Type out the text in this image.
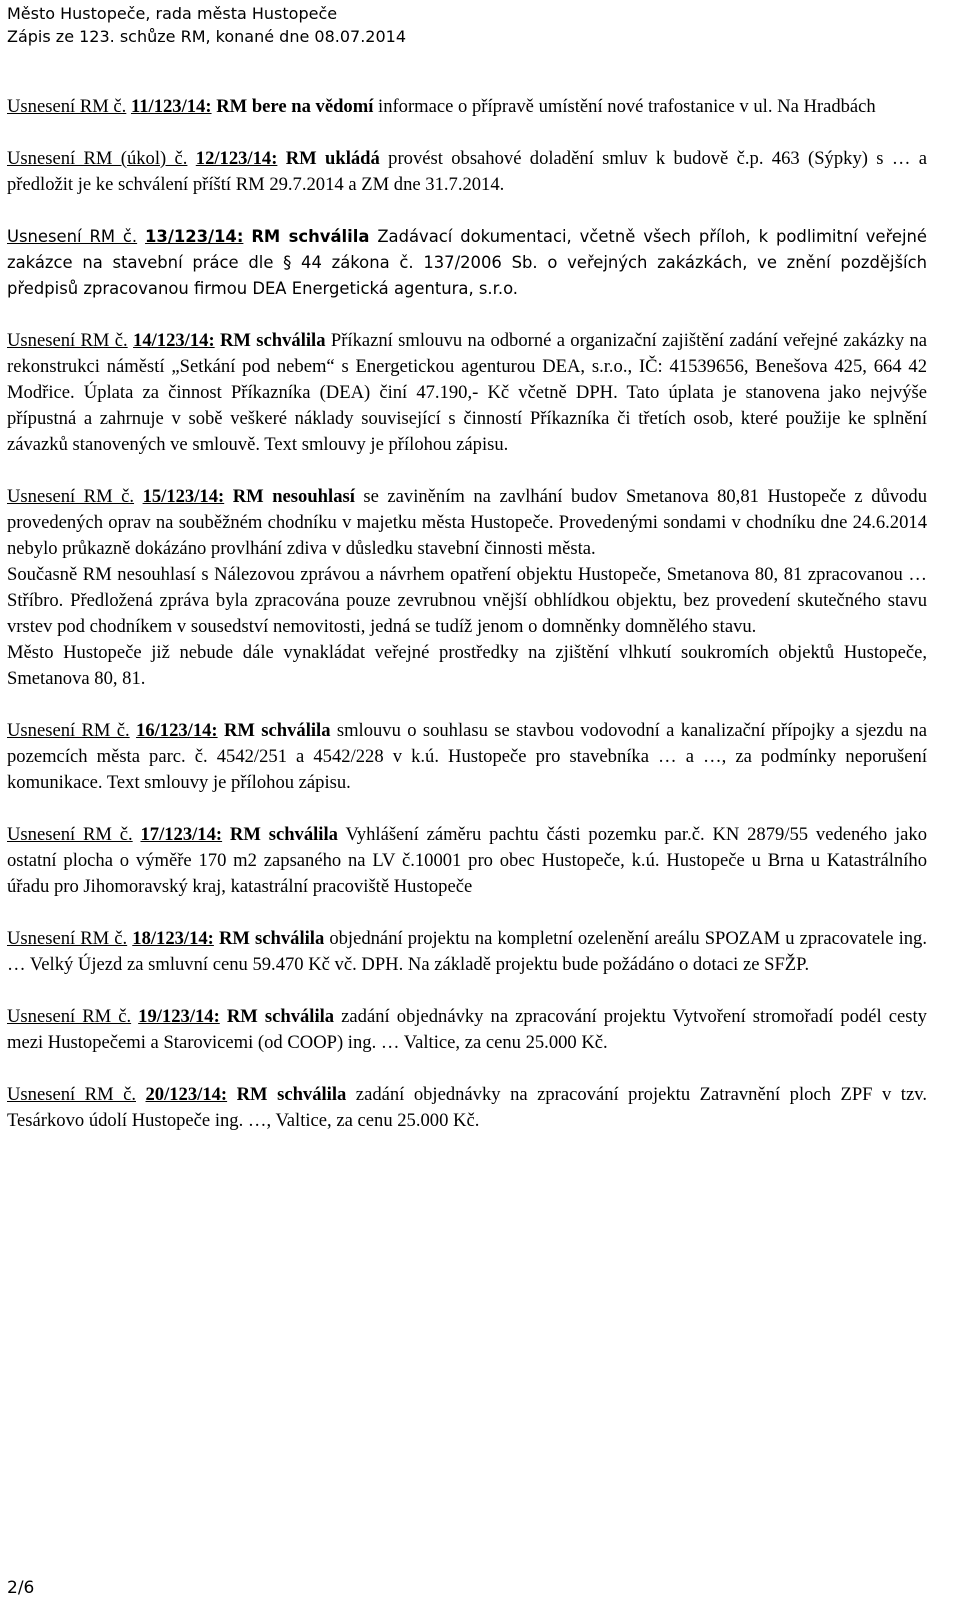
Město Hustopeče, rada města Hustopeče
Zápis ze 123. schůze RM, konané dne 08.07.2014

Usnesení RM č. 11/123/14: RM bere na vědomí informace o přípravě umístění nové trafostanice v ul. Na Hradbách

Usnesení RM (úkol) č. 12/123/14: RM ukládá provést obsahové doladění smluv k budově č.p. 463 (Sýpky) s … a předložit je ke schválení příští RM 29.7.2014 a ZM dne 31.7.2014.

Usnesení RM č. 13/123/14: RM schválila Zadávací dokumentaci, včetně všech příloh, k podlimitní veřejné zakázce na stavební práce dle § 44 zákona č. 137/2006 Sb. o veřejných zakázkách, ve znění pozdějších předpisů zpracovanou firmou DEA Energetická agentura, s.r.o.

Usnesení RM č. 14/123/14: RM schválila Příkazní smlouvu na odborné a organizační zajištění zadání veřejné zakázky na rekonstrukci náměstí „Setkání pod nebem“ s Energetickou agenturou DEA, s.r.o., IČ: 41539656, Benešova 425, 664 42 Modřice. Úplata za činnost Příkazníka (DEA) činí 47.190,- Kč včetně DPH. Tato úplata je stanovena jako nejvýše přípustná a zahrnuje v sobě veškeré náklady související s činností Příkazníka či třetích osob, které použije ke splnění závazků stanovených ve smlouvě. Text smlouvy je přílohou zápisu.

Usnesení RM č. 15/123/14: RM nesouhlasí se zaviněním na zavlhání budov Smetanova 80,81 Hustopeče z důvodu provedených oprav na souběžném chodníku v majetku města Hustopeče. Provedenými sondami v chodníku dne 24.6.2014 nebylo průkazně dokázáno provlhání zdiva v důsledku stavební činnosti města.

Současně RM nesouhlasí s Nálezovou zprávou a návrhem opatření objektu Hustopeče, Smetanova 80, 81 zpracovanou … Stříbro. Předložená zpráva byla zpracována pouze zevrubnou vnější obhlídkou objektu, bez provedení skutečného stavu vrstev pod chodníkem v sousedství nemovitosti, jedná se tudíž jenom o domněnky domnělého stavu.

Město Hustopeče již nebude dále vynakládat veřejné prostředky na zjištění vlhkutí soukromích objektů Hustopeče, Smetanova 80, 81.

Usnesení RM č. 16/123/14: RM schválila smlouvu o souhlasu se stavbou vodovodní a kanalizační přípojky a sjezdu na pozemcích města parc. č. 4542/251 a 4542/228 v k.ú. Hustopeče pro stavebníka … a …, za podmínky neporušení komunikace. Text smlouvy je přílohou zápisu.

Usnesení RM č. 17/123/14: RM schválila Vyhlášení záměru pachtu části pozemku par.č. KN 2879/55 vedeného jako ostatní plocha o výměře 170 m2 zapsaného na LV č.10001 pro obec Hustopeče, k.ú. Hustopeče u Brna u Katastrálního úřadu pro Jihomoravský kraj, katastrální pracoviště Hustopeče

Usnesení RM č. 18/123/14: RM schválila objednání projektu na kompletní ozelenění areálu SPOZAM u zpracovatele ing. … Velký Újezd za smluvní cenu 59.470 Kč vč. DPH. Na základě projektu bude požádáno o dotaci ze SFŽP.

Usnesení RM č. 19/123/14: RM schválila zadání objednávky na zpracování projektu Vytvoření stromořadí podél cesty mezi Hustopečemi a Starovicemi (od COOP) ing. … Valtice, za cenu 25.000 Kč.

Usnesení RM č. 20/123/14: RM schválila zadání objednávky na zpracování projektu Zatravnění ploch ZPF v tzv. Tesárkovo údolí Hustopeče ing. …, Valtice, za cenu 25.000 Kč.

2/6
